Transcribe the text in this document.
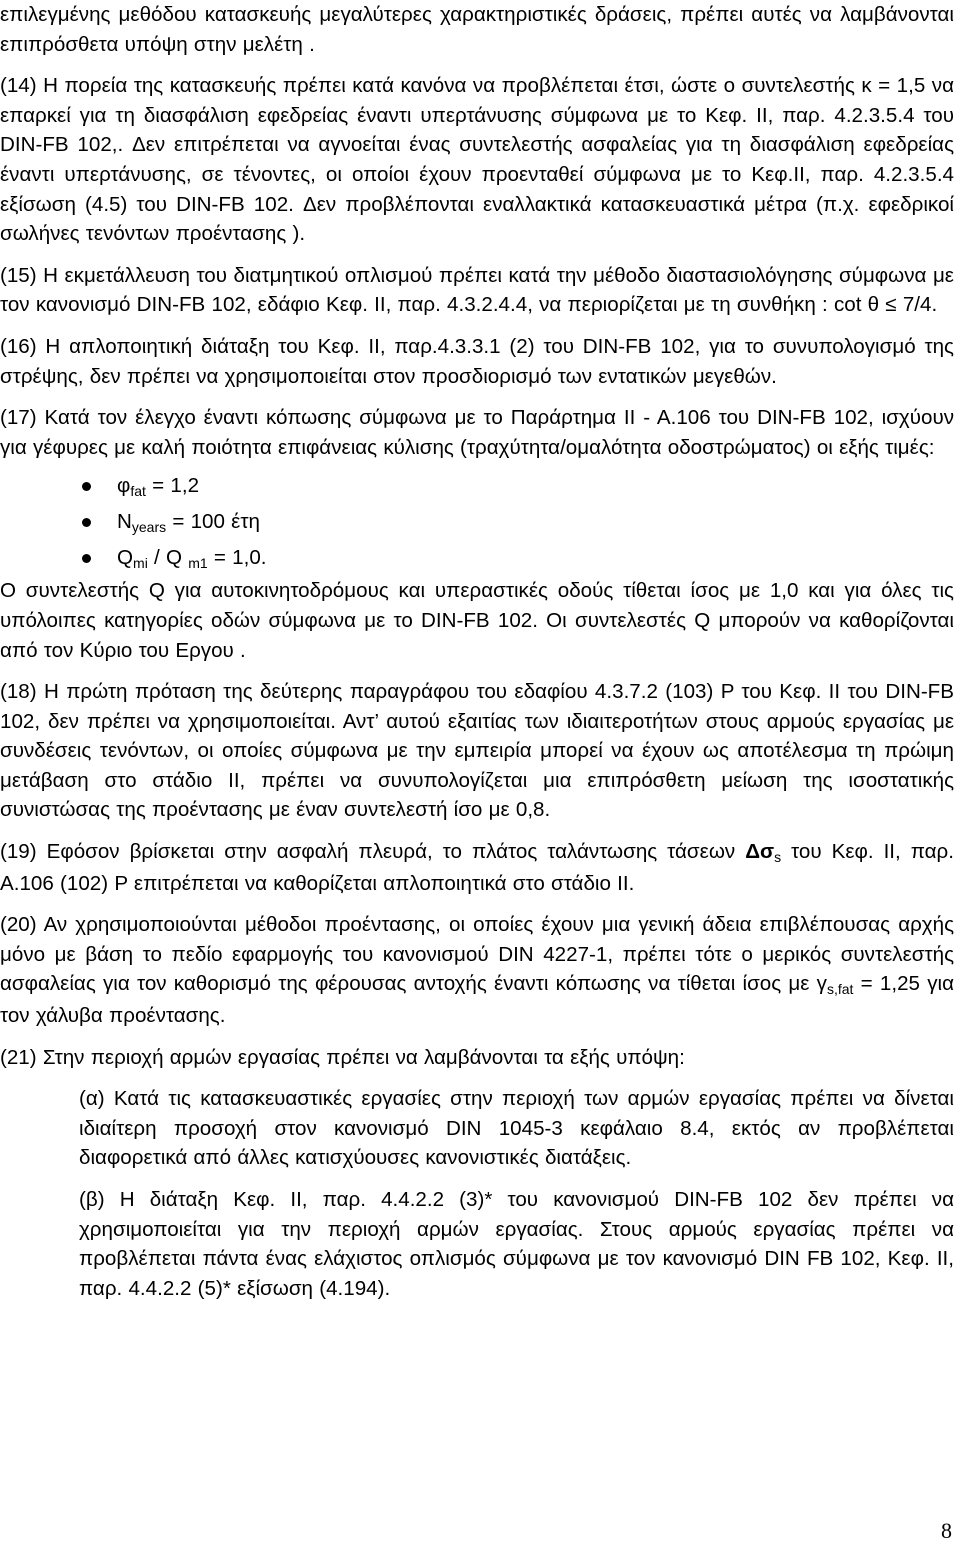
επιλεγμένης μεθόδου κατασκευής μεγαλύτερες χαρακτηριστικές δράσεις, πρέπει αυτές να λαμβάνονται επιπρόσθετα υπόψη στην μελέτη .

(14) Η πορεία της κατασκευής πρέπει κατά κανόνα να προβλέπεται έτσι, ώστε ο συντελεστής κ = 1,5 να επαρκεί για τη διασφάλιση εφεδρείας έναντι υπερτάνυσης σύμφωνα με το Κεφ. ΙΙ, παρ. 4.2.3.5.4 του DIN-FB 102,. Δεν επιτρέπεται να αγνοείται ένας συντελεστής ασφαλείας για τη διασφάλιση εφεδρείας έναντι υπερτάνυσης, σε τένοντες, οι οποίοι έχουν προενταθεί σύμφωνα με το Κεφ.ΙΙ, παρ. 4.2.3.5.4 εξίσωση (4.5) του DIN-FB 102. Δεν προβλέπονται εναλλακτικά κατασκευαστικά μέτρα (π.χ. εφεδρικοί σωλήνες τενόντων προέντασης ).

(15) Η εκμετάλλευση του διατμητικού οπλισμού πρέπει κατά την μέθοδο διαστασιολόγησης σύμφωνα με τον κανονισμό DIN-FB 102, εδάφιο Κεφ. ΙΙ, παρ. 4.3.2.4.4, να περιορίζεται με τη συνθήκη : cot θ ≤ 7/4.

(16) Η απλοποιητική διάταξη του Κεφ. ΙΙ, παρ.4.3.3.1 (2) του DIN-FB 102, για το συνυπολογισμό της στρέψης, δεν πρέπει να χρησιμοποιείται στον προσδιορισμό των εντατικών μεγεθών.

(17) Κατά τον έλεγχο έναντι κόπωσης σύμφωνα με το Παράρτημα ΙΙ - Α.106 του DIN-FB 102, ισχύουν για γέφυρες με καλή ποιότητα επιφάνειας κύλισης (τραχύτητα/ομαλότητα οδοστρώματος) οι εξής τιμές:

φfat = 1,2
Nyears = 100 έτη
Qmi / Q m1 = 1,0.

Ο συντελεστής Q για αυτοκινητοδρόμους και υπεραστικές οδούς τίθεται ίσος με 1,0 και για όλες τις υπόλοιπες κατηγορίες οδών σύμφωνα με το DIN-FB 102. Οι συντελεστές Q μπορούν να καθορίζονται από τον Κύριο του Εργου .

(18) Η πρώτη πρόταση της δεύτερης παραγράφου του εδαφίου 4.3.7.2 (103) P του Κεφ. ΙΙ του DIN-FB 102, δεν πρέπει να χρησιμοποιείται. Αντ’ αυτού εξαιτίας των ιδιαιτεροτήτων στους αρμούς εργασίας με συνδέσεις τενόντων, οι οποίες σύμφωνα με την εμπειρία μπορεί να έχουν ως αποτέλεσμα τη πρώιμη μετάβαση στο στάδιο ΙΙ, πρέπει να συνυπολογίζεται μια επιπρόσθετη μείωση της ισοστατικής συνιστώσας της προέντασης με έναν συντελεστή ίσο με 0,8.

(19) Εφόσον βρίσκεται στην ασφαλή πλευρά, το πλάτος ταλάντωσης τάσεων Δσs του Κεφ. ΙΙ, παρ. Α.106 (102) P επιτρέπεται να καθορίζεται απλοποιητικά στο στάδιο ΙΙ.

(20) Αν χρησιμοποιούνται μέθοδοι προέντασης, οι οποίες έχουν μια γενική άδεια επιβλέπουσας αρχής μόνο με βάση το πεδίο εφαρμογής του κανονισμού DIN 4227-1, πρέπει τότε ο μερικός συντελεστής ασφαλείας για τον καθορισμό της φέρουσας αντοχής έναντι κόπωσης να τίθεται ίσος με γs,fat = 1,25 για τον χάλυβα προέντασης.

(21) Στην περιοχή αρμών εργασίας πρέπει να λαμβάνονται τα εξής υπόψη:

(α) Κατά τις κατασκευαστικές εργασίες στην περιοχή των αρμών εργασίας πρέπει να δίνεται ιδιαίτερη προσοχή στον κανονισμό DIN 1045-3 κεφάλαιο 8.4, εκτός αν προβλέπεται διαφορετικά από άλλες κατισχύουσες κανονιστικές διατάξεις.

(β) Η διάταξη Κεφ. ΙΙ, παρ. 4.4.2.2 (3)* του κανονισμού DIN-FB 102 δεν πρέπει να χρησιμοποιείται για την περιοχή αρμών εργασίας. Στους αρμούς εργασίας πρέπει να προβλέπεται πάντα ένας ελάχιστος οπλισμός σύμφωνα με τον κανονισμό DIN FB 102, Κεφ. ΙΙ, παρ. 4.4.2.2 (5)* εξίσωση (4.194).

8
